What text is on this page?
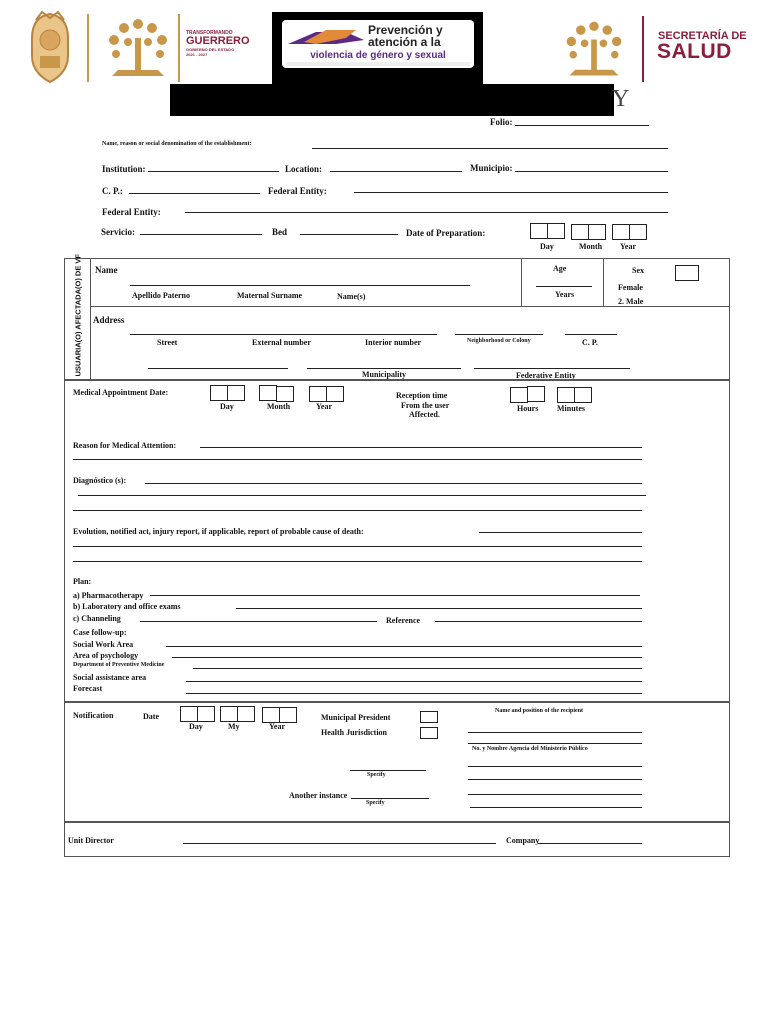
TRANSFORMANDO
GUERRERO
GOBIERNO DEL ESTADO
2021 - 2027
Prevención y
atención a la
violencia de género y sexual
SECRETARÍA DE
SALUD
Y
Folio:
Name, reason or social denomination of the establishment:
Institution:	Location:	Municipio:
C. P.:	Federal Entity:
Federal Entity:
Servicio:	Bed	Date of Preparation:
Day	Month Year
USUARIA(O) AFECTADA(O) DE VF Name
Apellido Paterno	Maternal Surname	Name(s)
Age
Years
Sex
Female
2. Male
Address
Street	External number	Interior number	Neighborhood or Colony	C. P.
Municipality	Federative Entity
Medical Appointment Date:
Day	Month	Year
Reception time
From the user
Affected.
Hours Minutes
Reason for Medical Attention:
Diagnóstico (s):
Evolution, notified act, injury report, if applicable, report of probable cause of death:
Plan:
a) Pharmacotherapy
b) Laboratory and office exams
c) Channeling	Reference
Case follow-up:
Social Work Area
Area of psychology
Department of Preventive Medicine
Social assistance area
Forecast
Notification	Date
Day	My	Year
Municipal President
Health Jurisdiction
Name and position of the recipient
No. y Nombre Agencia del Ministerio Público
Specify
Another instance
Specify
Unit Director	Company
